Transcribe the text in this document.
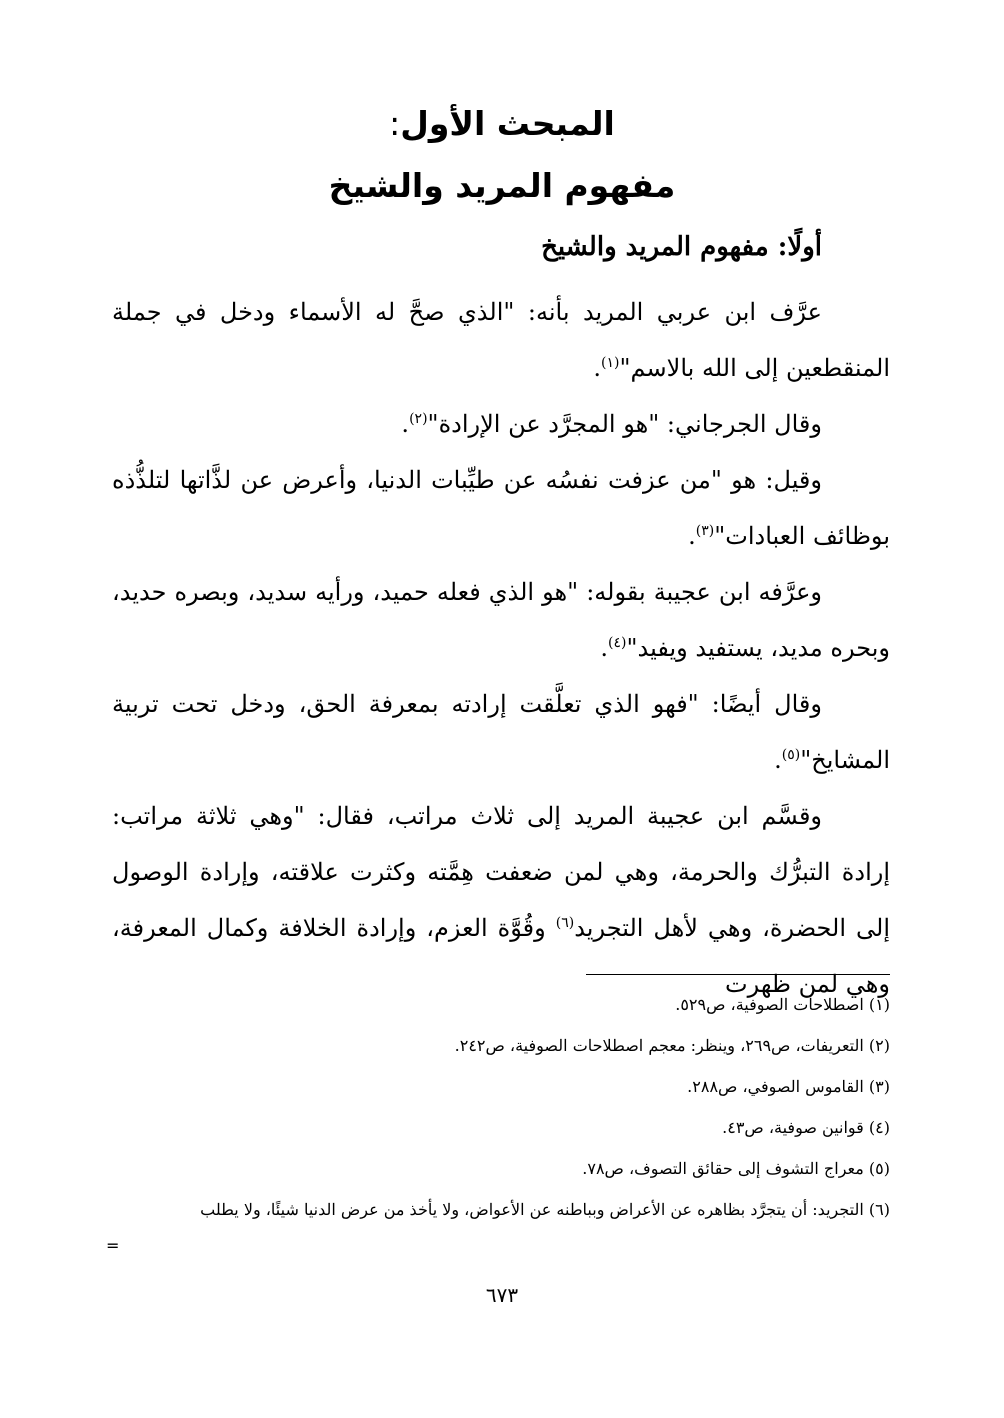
المبحث الأول:
مفهوم المريد والشيخ
أولًا: مفهوم المريد والشيخ

عرَّف ابن عربي المريد بأنه: "الذي صحَّ له الأسماء ودخل في جملة المنقطعين إلى الله بالاسم"$^{(١)}$.

وقال الجرجاني: "هو المجرَّد عن الإرادة"$^{(٢)}$.

وقيل: هو "من عزفت نفسُه عن طيِّبات الدنيا، وأعرض عن لذَّاتها لتلذُّذه بوظائف العبادات"$^{(٣)}$.

وعرَّفه ابن عجيبة بقوله: "هو الذي فعله حميد، ورأيه سديد، وبصره حديد، وبحره مديد، يستفيد ويفيد"$^{(٤)}$.

وقال أيضًا: "فهو الذي تعلَّقت إرادته بمعرفة الحق، ودخل تحت تربية المشايخ"$^{(٥)}$.

وقسَّم ابن عجيبة المريد إلى ثلاث مراتب، فقال: "وهي ثلاثة مراتب: إرادة التبرُّك والحرمة، وهي لمن ضعفت هِمَّته وكثرت علاقته، وإرادة الوصول إلى الحضرة، وهي لأهل التجريد$^{(٦)}$ وقُوَّة العزم، وإرادة الخلافة وكمال المعرفة، وهي لمن ظهرت

(١) اصطلاحات الصوفية، ص٥٢٩.

(٢) التعريفات، ص٢٦٩، وينظر: معجم اصطلاحات الصوفية، ص٢٤٢.

(٣) القاموس الصوفي، ص٢٨٨.

(٤) قوانين صوفية، ص٤٣.

(٥) معراج التشوف إلى حقائق التصوف، ص٧٨.

(٦) التجريد: أن يتجرَّد بظاهره عن الأعراض وبباطنه عن الأعواض، ولا يأخذ من عرض الدنيا شيئًا، ولا يطلب

=
٦٧٣
